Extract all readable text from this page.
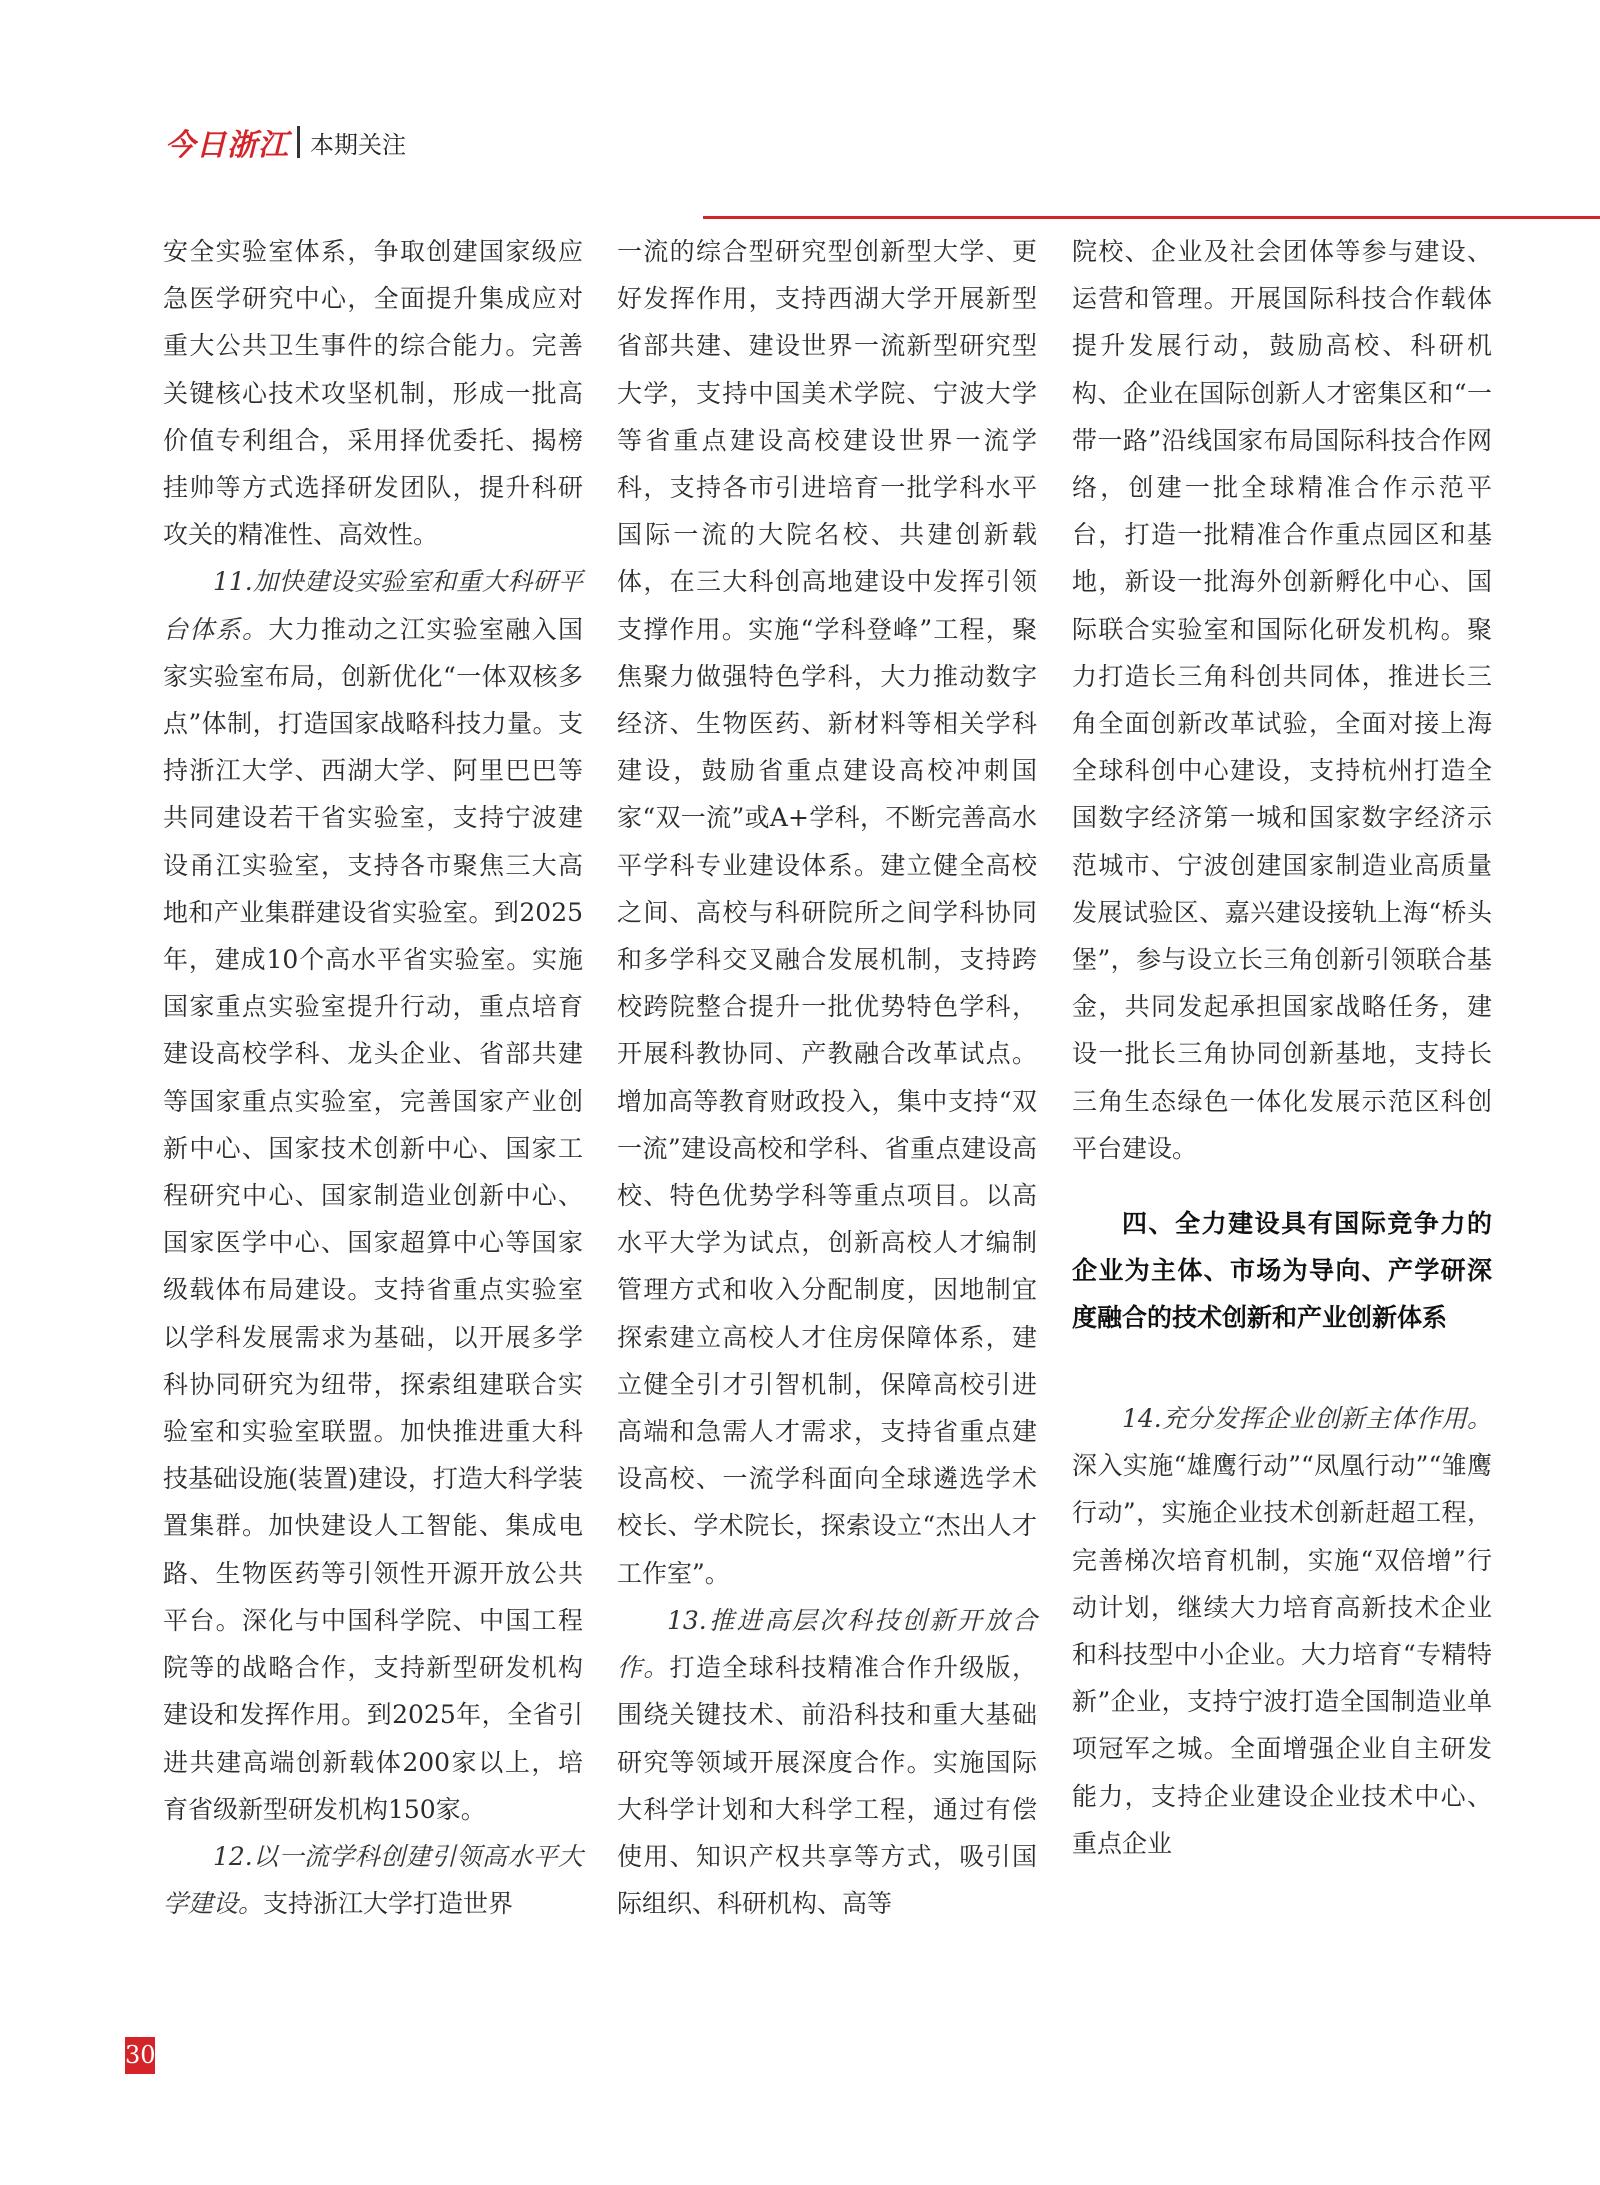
今日浙江 本期关注

安全实验室体系，争取创建国家级应急医学研究中心，全面提升集成应对重大公共卫生事件的综合能力。完善关键核心技术攻坚机制，形成一批高价值专利组合，采用择优委托、揭榜挂帅等方式选择研发团队，提升科研攻关的精准性、高效性。

11.加快建设实验室和重大科研平台体系。大力推动之江实验室融入国家实验室布局，创新优化“一体双核多点”体制，打造国家战略科技力量。支持浙江大学、西湖大学、阿里巴巴等共同建设若干省实验室，支持宁波建设甬江实验室，支持各市聚焦三大高地和产业集群建设省实验室。到2025年，建成10个高水平省实验室。实施国家重点实验室提升行动，重点培育建设高校学科、龙头企业、省部共建等国家重点实验室，完善国家产业创新中心、国家技术创新中心、国家工程研究中心、国家制造业创新中心、国家医学中心、国家超算中心等国家级载体布局建设。支持省重点实验室以学科发展需求为基础，以开展多学科协同研究为纽带，探索组建联合实验室和实验室联盟。加快推进重大科技基础设施(装置)建设，打造大科学装置集群。加快建设人工智能、集成电路、生物医药等引领性开源开放公共平台。深化与中国科学院、中国工程院等的战略合作，支持新型研发机构建设和发挥作用。到2025年，全省引进共建高端创新载体200家以上，培育省级新型研发机构150家。

12.以一流学科创建引领高水平大学建设。支持浙江大学打造世界

一流的综合型研究型创新型大学、更好发挥作用，支持西湖大学开展新型省部共建、建设世界一流新型研究型大学，支持中国美术学院、宁波大学等省重点建设高校建设世界一流学科，支持各市引进培育一批学科水平国际一流的大院名校、共建创新载体，在三大科创高地建设中发挥引领支撑作用。实施“学科登峰”工程，聚焦聚力做强特色学科，大力推动数字经济、生物医药、新材料等相关学科建设，鼓励省重点建设高校冲刺国家“双一流”或A+学科，不断完善高水平学科专业建设体系。建立健全高校之间、高校与科研院所之间学科协同和多学科交叉融合发展机制，支持跨校跨院整合提升一批优势特色学科，开展科教协同、产教融合改革试点。增加高等教育财政投入，集中支持“双一流”建设高校和学科、省重点建设高校、特色优势学科等重点项目。以高水平大学为试点，创新高校人才编制管理方式和收入分配制度，因地制宜探索建立高校人才住房保障体系，建立健全引才引智机制，保障高校引进高端和急需人才需求，支持省重点建设高校、一流学科面向全球遴选学术校长、学术院长，探索设立“杰出人才工作室”。

13.推进高层次科技创新开放合作。打造全球科技精准合作升级版，围绕关键技术、前沿科技和重大基础研究等领域开展深度合作。实施国际大科学计划和大科学工程，通过有偿使用、知识产权共享等方式，吸引国际组织、科研机构、高等

院校、企业及社会团体等参与建设、运营和管理。开展国际科技合作载体提升发展行动，鼓励高校、科研机构、企业在国际创新人才密集区和“一带一路”沿线国家布局国际科技合作网络，创建一批全球精准合作示范平台，打造一批精准合作重点园区和基地，新设一批海外创新孵化中心、国际联合实验室和国际化研发机构。聚力打造长三角科创共同体，推进长三角全面创新改革试验，全面对接上海全球科创中心建设，支持杭州打造全国数字经济第一城和国家数字经济示范城市、宁波创建国家制造业高质量发展试验区、嘉兴建设接轨上海“桥头堡”，参与设立长三角创新引领联合基金，共同发起承担国家战略任务，建设一批长三角协同创新基地，支持长三角生态绿色一体化发展示范区科创平台建设。

四、全力建设具有国际竞争力的企业为主体、市场为导向、产学研深度融合的技术创新和产业创新体系

14.充分发挥企业创新主体作用。深入实施“雄鹰行动”“凤凰行动”“雏鹰行动”，实施企业技术创新赶超工程，完善梯次培育机制，实施“双倍增”行动计划，继续大力培育高新技术企业和科技型中小企业。大力培育“专精特新”企业，支持宁波打造全国制造业单项冠军之城。全面增强企业自主研发能力，支持企业建设企业技术中心、重点企业

30
